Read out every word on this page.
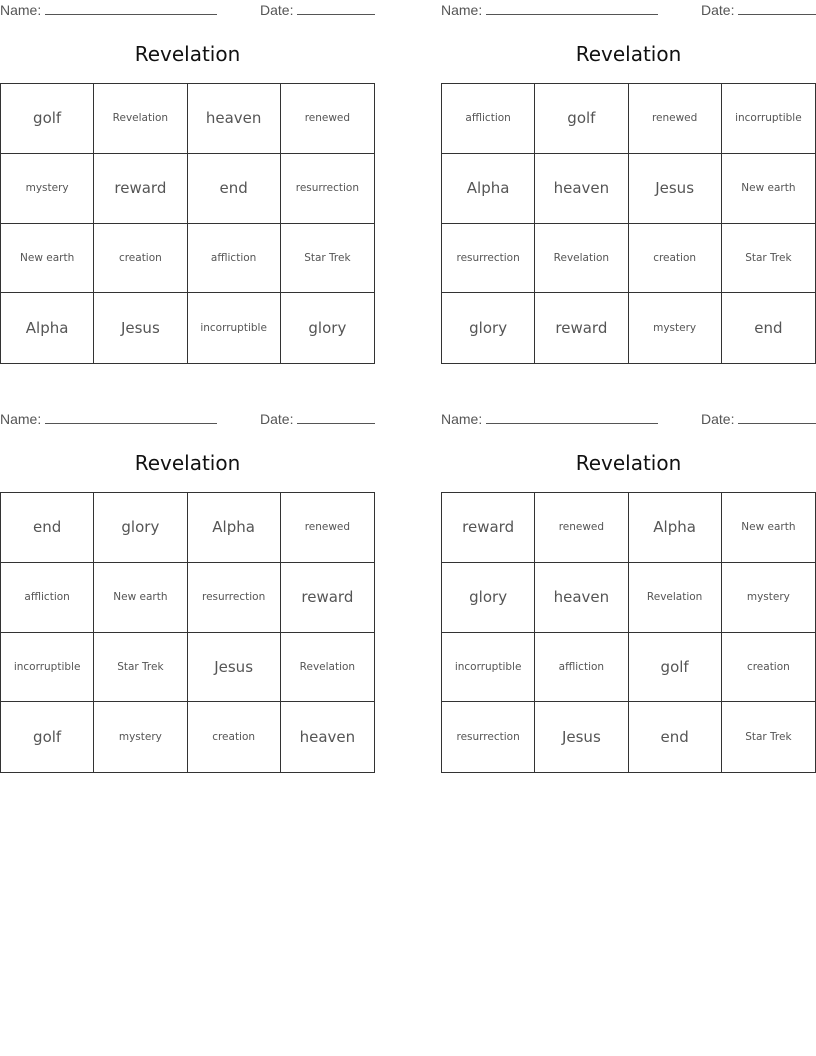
Name:	Date:
Revelation
golf	Revelation	heaven	renewed
mystery	reward	end	resurrection
New earth	creation	affliction	Star Trek
Alpha	Jesus	incorruptible	glory
Name:	Date:
Revelation
affliction	golf	renewed	incorruptible
Alpha	heaven	Jesus	New earth
resurrection	Revelation	creation	Star Trek
glory	reward	mystery	end
Name:	Date:
Revelation
end	glory	Alpha	renewed
affliction	New earth	resurrection	reward
incorruptible	Star Trek	Jesus	Revelation
golf	mystery	creation	heaven
Name:	Date:
Revelation
reward	renewed	Alpha	New earth
glory	heaven	Revelation	mystery
incorruptible	affliction	golf	creation
resurrection	Jesus	end	Star Trek
